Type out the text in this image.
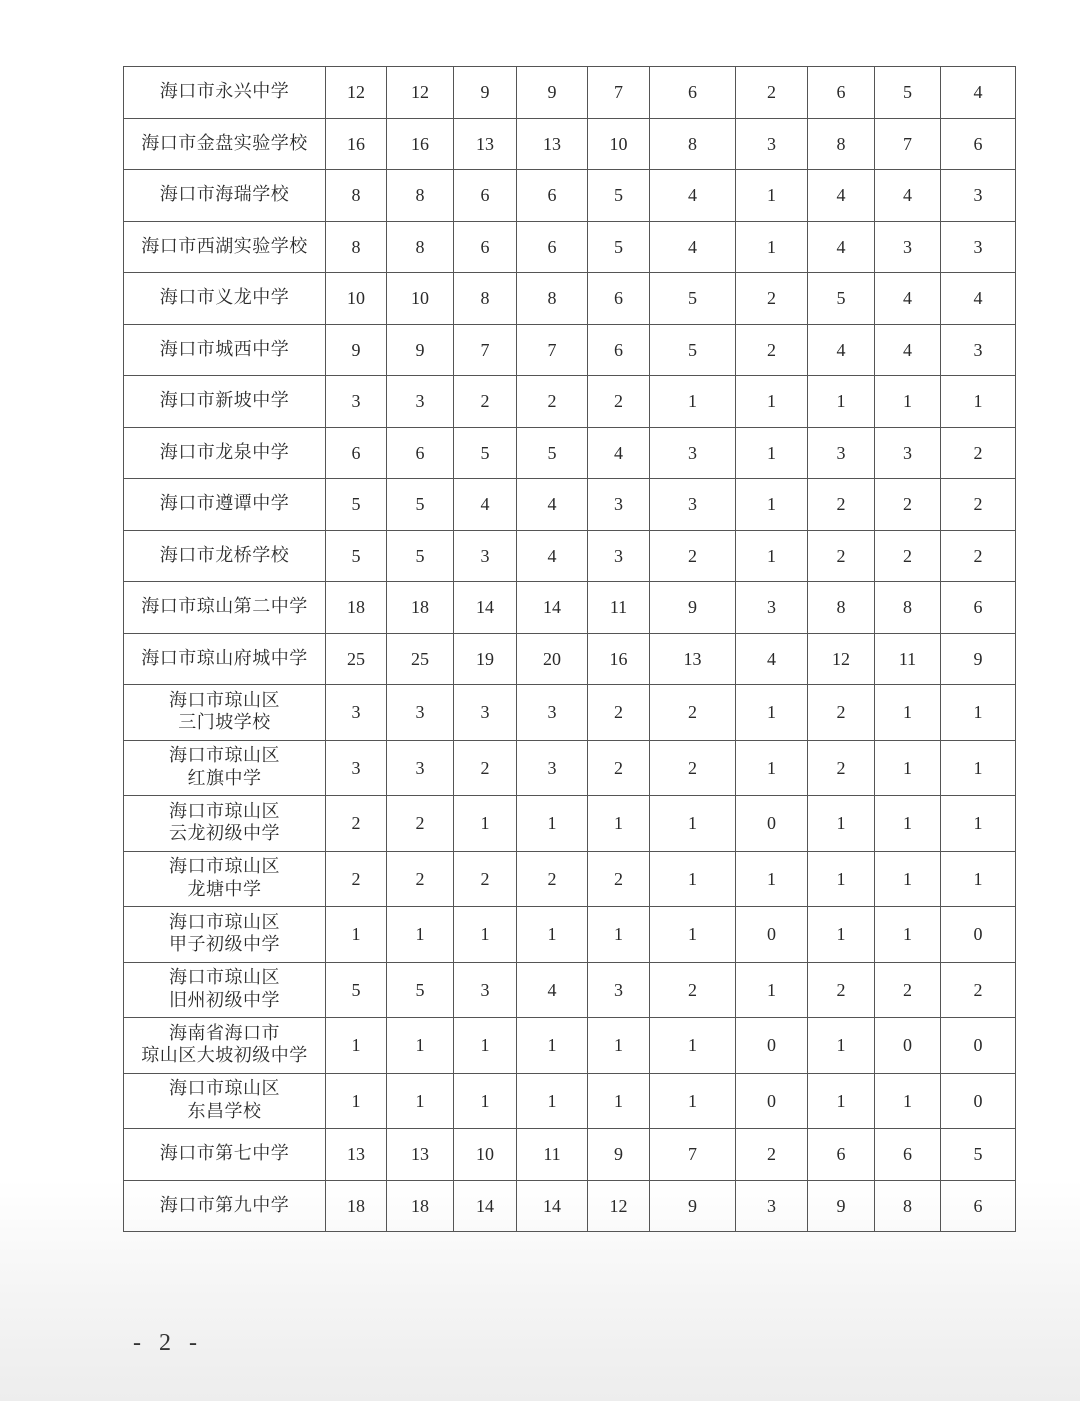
海口市永兴中学	12	12	9	9	7	6	2	6	5	4

海口市金盘实验学校	16	16	13	13	10	8	3	8	7	6

海口市海瑞学校	8	8	6	6	5	4	1	4	4	3

海口市西湖实验学校	8	8	6	6	5	4	1	4	3	3

海口市义龙中学	10	10	8	8	6	5	2	5	4	4

海口市城西中学	9	9	7	7	6	5	2	4	4	3

海口市新坡中学	3	3	2	2	2	1	1	1	1	1

海口市龙泉中学	6	6	5	5	4	3	1	3	3	2

海口市遵谭中学	5	5	4	4	3	3	1	2	2	2

海口市龙桥学校	5	5	3	4	3	2	1	2	2	2

海口市琼山第二中学	18	18	14	14	11	9	3	8	8	6

海口市琼山府城中学	25	25	19	20	16	13	4	12	11	9

海口市琼山区
三门坡学校	3	3	3	3	2	2	1	2	1	1

海口市琼山区
红旗中学	3	3	2	3	2	2	1	2	1	1

海口市琼山区
云龙初级中学	2	2	1	1	1	1	0	1	1	1

海口市琼山区
龙塘中学	2	2	2	2	2	1	1	1	1	1

海口市琼山区
甲子初级中学	1	1	1	1	1	1	0	1	1	0

海口市琼山区
旧州初级中学	5	5	3	4	3	2	1	2	2	2

海南省海口市
琼山区大坡初级中学	1	1	1	1	1	1	0	1	0	0

海口市琼山区
东昌学校	1	1	1	1	1	1	0	1	1	0

海口市第七中学	13	13	10	11	9	7	2	6	6	5

海口市第九中学	18	18	14	14	12	9	3	9	8	6
- 2 -
